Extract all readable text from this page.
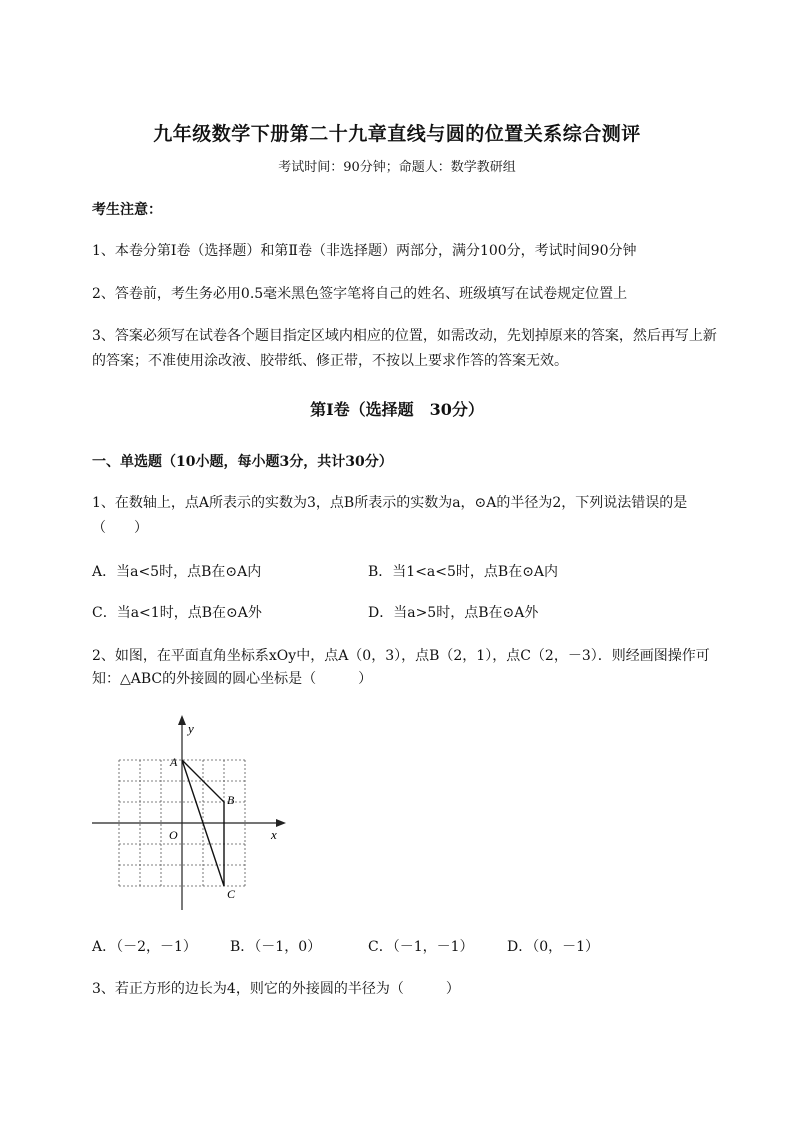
九年级数学下册第二十九章直线与圆的位置关系综合测评
考试时间：90分钟；命题人：数学教研组
考生注意：
1、本卷分第I卷（选择题）和第Ⅱ卷（非选择题）两部分，满分100分，考试时间90分钟
2、答卷前，考生务必用0.5毫米黑色签字笔将自己的姓名、班级填写在试卷规定位置上
3、答案必须写在试卷各个题目指定区域内相应的位置，如需改动，先划掉原来的答案，然后再写上新
的答案；不准使用涂改液、胶带纸、修正带，不按以上要求作答的答案无效。
第I卷（选择题　30分）
一、单选题（10小题，每小题3分，共计30分）
1、在数轴上，点A所表示的实数为3，点B所表示的实数为a，⊙A的半径为2，下列说法错误的是
（　　）
A．当a<5时，点B在⊙A内	B．当1<a<5时，点B在⊙A内
C．当a<1时，点B在⊙A外	D．当a>5时，点B在⊙A外
2、如图，在平面直角坐标系xOy中，点A（0，3），点B（2，1），点C（2，－3）．则经画图操作可
知：△ABC的外接圆的圆心坐标是（　　　）
y
x
O
A
B
C
A．（－2，－1） B．（－1，0）	C．（－1，－1） D．（0，－1）
3、若正方形的边长为4，则它的外接圆的半径为（　　　）
